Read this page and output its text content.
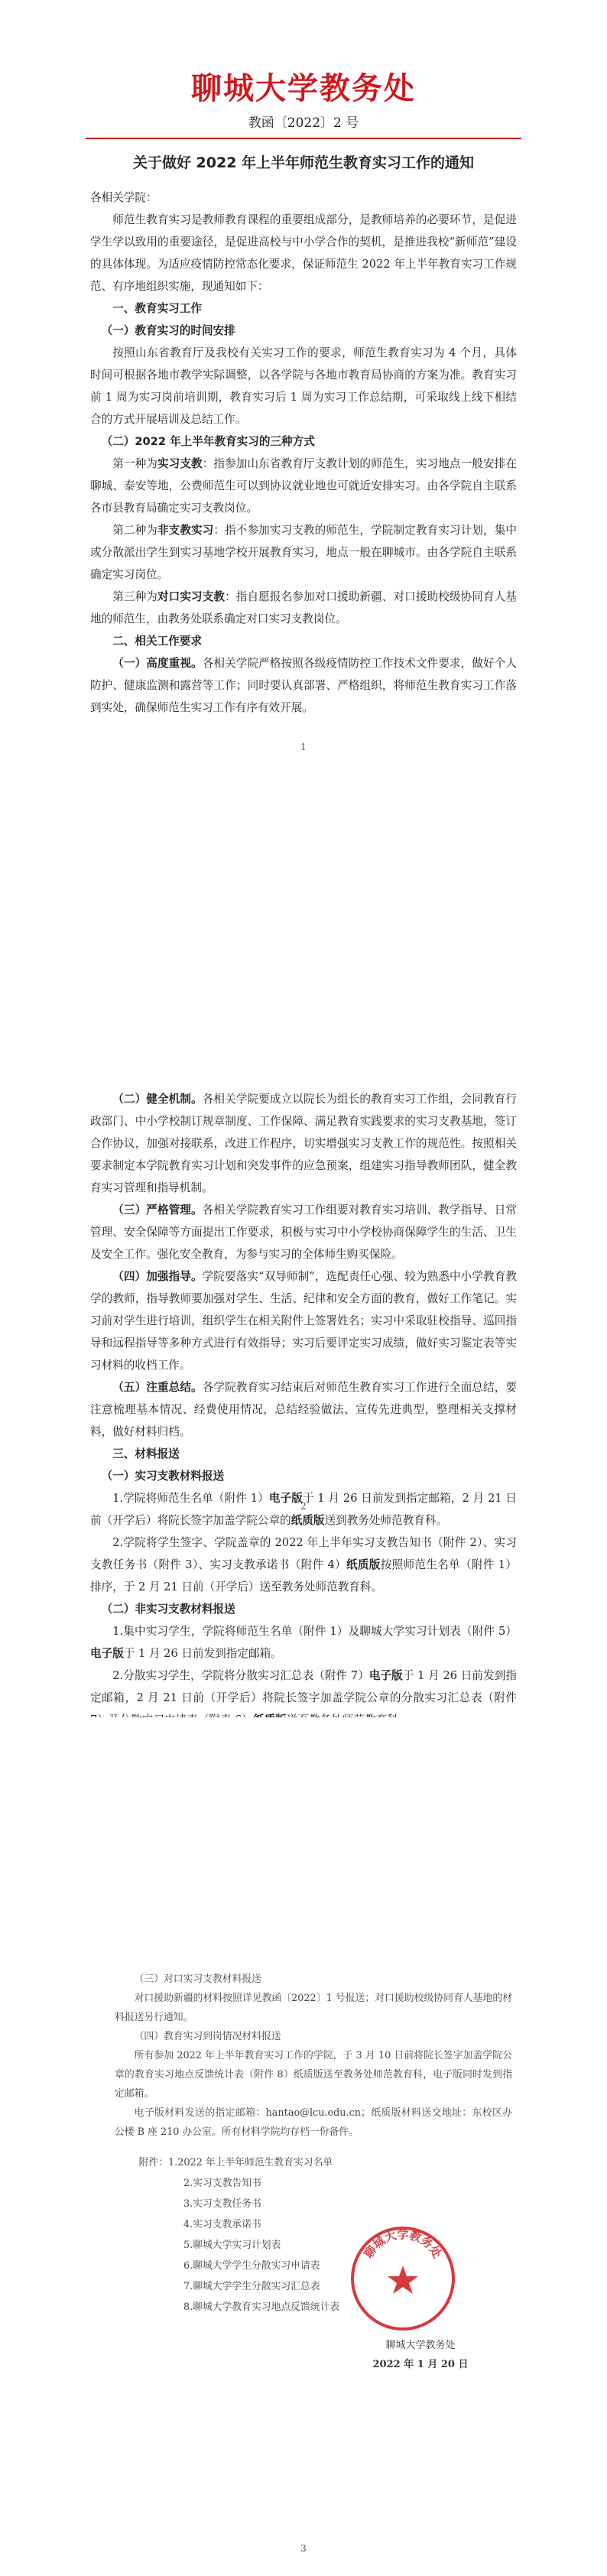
聊城大学教务处
教函〔2022〕2 号
关于做好 2022 年上半年师范生教育实习工作的通知

各相关学院：

师范生教育实习是教师教育课程的重要组成部分，是教师培养的必要环节，是促进学生学以致用的重要途径，是促进高校与中小学合作的契机，是推进我校“新师范”建设的具体体现。为适应疫情防控常态化要求，保证师范生 2022 年上半年教育实习工作规范、有序地组织实施，现通知如下：

一、教育实习工作

（一）教育实习的时间安排

按照山东省教育厅及我校有关实习工作的要求，师范生教育实习为 4 个月，具体时间可根据各地市教学实际调整，以各学院与各地市教育局协商的方案为准。教育实习前 1 周为实习岗前培训期，教育实习后 1 周为实习工作总结期，可采取线上线下相结合的方式开展培训及总结工作。

（二）2022 年上半年教育实习的三种方式

第一种为实习支教：指参加山东省教育厅支教计划的师范生，实习地点一般安排在聊城、泰安等地，公费师范生可以到协议就业地也可就近安排实习。由各学院自主联系各市县教育局确定实习支教岗位。

第二种为非支教实习：指不参加实习支教的师范生，学院制定教育实习计划，集中或分散派出学生到实习基地学校开展教育实习，地点一般在聊城市。由各学院自主联系确定实习岗位。

第三种为对口实习支教：指自愿报名参加对口援助新疆、对口援助校级协同育人基地的师范生，由教务处联系确定对口实习支教岗位。

二、相关工作要求

（一）高度重视。各相关学院严格按照各级疫情防控工作技术文件要求，做好个人防护、健康监测和露营等工作；同时要认真部署、严格组织，将师范生教育实习工作落到实处，确保师范生实习工作有序有效开展。

1

（二）健全机制。各相关学院要成立以院长为组长的教育实习工作组，会同教育行政部门、中小学校制订规章制度、工作保障、满足教育实践要求的实习支教基地，签订合作协议，加强对接联系，改进工作程序，切实增强实习支教工作的规范性。按照相关要求制定本学院教育实习计划和突发事件的应急预案，组建实习指导教师团队，健全教育实习管理和指导机制。

（三）严格管理。各相关学院教育实习工作组要对教育实习培训、教学指导、日常管理、安全保障等方面提出工作要求，积极与实习中小学校协商保障学生的生活、卫生及安全工作。强化安全教育，为参与实习的全体师生购买保险。

（四）加强指导。学院要落实“双导师制”，选配责任心强、较为熟悉中小学教育教学的教师，指导教师要加强对学生、生活、纪律和安全方面的教育，做好工作笔记。实习前对学生进行培训，组织学生在相关附件上签署姓名；实习中采取驻校指导、巡回指导和远程指导等多种方式进行有效指导；实习后要评定实习成绩，做好实习鉴定表等实习材料的收档工作。

（五）注重总结。各学院教育实习结束后对师范生教育实习工作进行全面总结，要注意梳理基本情况、经费使用情况，总结经验做法、宣传先进典型，整理相关支撑材料，做好材料归档。

三、材料报送

（一）实习支教材料报送

1.学院将师范生名单（附件 1）电子版于 1 月 26 日前发到指定邮箱，2 月 21 日前（开学后）将院长签字加盖学院公章的纸质版送到教务处师范教育科。

2.学院将学生签字、学院盖章的 2022 年上半年实习支教告知书（附件 2）、实习支教任务书（附件 3）、实习支教承诺书（附件 4）纸质版按照师范生名单（附件 1）排序，于 2 月 21 日前（开学后）送至教务处师范教育科。

（二）非实习支教材料报送

1.集中实习学生，学院将师范生名单（附件 1）及聊城大学实习计划表（附件 5）电子版于 1 月 26 日前发到指定邮箱。

2.分散实习学生，学院将分散实习汇总表（附件 7）电子版于 1 月 26 日前发到指定邮箱，2 月 21 日前（开学后）将院长签字加盖学院公章的分散实习汇总表（附件

2

（三）对口实习支教材料报送

对口援助新疆的材料按照详见教函〔2022〕1 号报送；对口援助校级协同育人基地的材料报送另行通知。

（四）教育实习到岗情况材料报送

所有参加 2022 年上半年教育实习工作的学院，于 3 月 10 日前将院长签字加盖学院公章的教育实习地点反馈统计表（附件 8）纸质版送至教务处师范教育科，电子版同时发到指定邮箱。

电子版材料发送的指定邮箱：hantao@lcu.edu.cn；纸质版材料送交地址：东校区办公楼 B 座 210 办公室。所有材料学院均存档一份备件。

附件：1.2022 年上半年师范生教育实习名单
2.实习支教告知书
3.实习支教任务书
4.实习支教承诺书
5.聊城大学实习计划表
6.聊城大学学生分散实习申请表
7.聊城大学学生分散实习汇总表
8.聊城大学教育实习地点反馈统计表
聊城大学教务处
2022 年 1 月 20 日
3
聊城大学教务处
